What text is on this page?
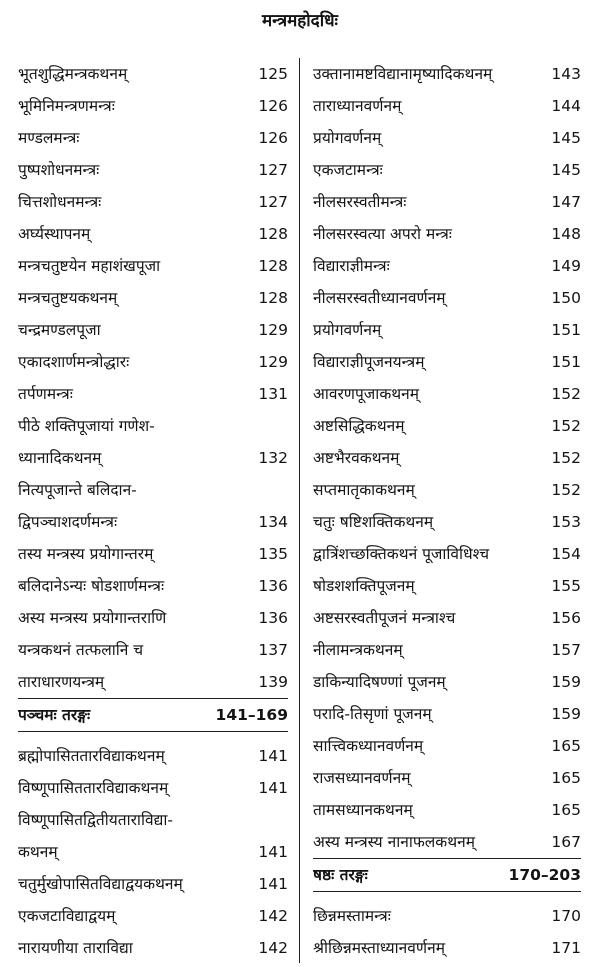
मन्त्रमहोदधिः
भूतशुद्धिमन्त्रकथनम्	125
भूमिनिमन्त्रणमन्त्रः	126
मण्डलमन्त्रः	126
पुष्पशोधनमन्त्रः	127
चित्तशोधनमन्त्रः	127
अर्घ्यस्थापनम्	128
मन्त्रचतुष्टयेन महाशंखपूजा	128
मन्त्रचतुष्टयकथनम्	128
चन्द्रमण्डलपूजा	129
एकादशार्णमन्त्रोद्धारः	129
तर्पणमन्त्रः	131
पीठे शक्तिपूजायां गणेश-
ध्यानादिकथनम्	132
नित्यपूजान्ते बलिदान-
द्विपञ्चाशदर्णमन्त्रः	134
तस्य मन्त्रस्य प्रयोगान्तरम्	135
बलिदानेऽन्यः षोडशार्णमन्त्रः	136
अस्य मन्त्रस्य प्रयोगान्तराणि	136
यन्त्रकथनं तत्फलानि च	137
ताराधारणयन्त्रम्	139
पञ्चमः तरङ्गः	141–169
ब्रह्मोपासिततारविद्याकथनम्	141
विष्णूपासिततारविद्याकथनम्	141
विष्णूपासितद्वितीयताराविद्या-
कथनम्	141
चतुर्मुखोपासितविद्याद्वयकथनम्	141
एकजटाविद्याद्वयम्	142
नारायणीया ताराविद्या	142
उक्तानामष्टविद्यानामृष्यादिकथनम्	143
ताराध्यानवर्णनम्	144
प्रयोगवर्णनम्	145
एकजटामन्त्रः	145
नीलसरस्वतीमन्त्रः	147
नीलसरस्वत्या अपरो मन्त्रः	148
विद्याराज्ञीमन्त्रः	149
नीलसरस्वतीध्यानवर्णनम्	150
प्रयोगवर्णनम्	151
विद्याराज्ञीपूजनयन्त्रम्	151
आवरणपूजाकथनम्	152
अष्टसिद्धिकथनम्	152
अष्टभैरवकथनम्	152
सप्तमातृकाकथनम्	152
चतुः षष्टिशक्तिकथनम्	153
द्वात्रिंशच्छक्तिकथनं पूजाविधिश्च	154
षोडशशक्तिपूजनम्	155
अष्टसरस्वतीपूजनं मन्त्राश्च	156
नीलामन्त्रकथनम्	157
डाकिन्यादिषण्णां पूजनम्	159
परादि-तिसृणां पूजनम्	159
सात्त्विकध्यानवर्णनम्	165
राजसध्यानवर्णनम्	165
तामसध्यानकथनम्	165
अस्य मन्त्रस्य नानाफलकथनम्	167
षष्ठः तरङ्गः	170–203
छिन्नमस्तामन्त्रः	170
श्रीछिन्नमस्ताध्यानवर्णनम्	171
